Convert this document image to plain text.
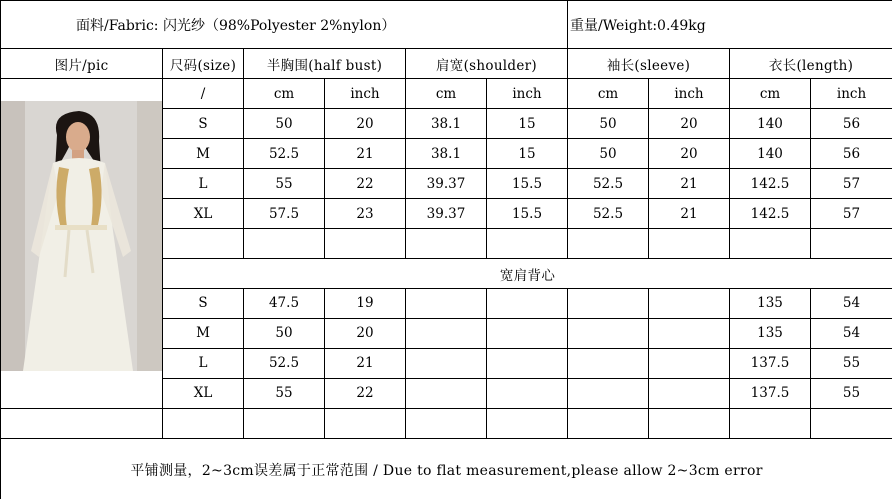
面料/Fabric: 闪光纱（98%Polyester 2%nylon）						重量/Weight:0.49kg			
图片/pic	尺码(size)	半胸围(half bust)		肩宽(shoulder)		袖长(sleeve)		衣长(length)	

	/	cm	inch	cm	inch	cm	inch	cm	inch
	S	50	20	38.1	15	50	20	140	56
	M	52.5	21	38.1	15	50	20	140	56
	L	55	22	39.37	15.5	52.5	21	142.5	57
	XL	57.5	23	39.37	15.5	52.5	21	142.5	57

	宽肩背心								
	S	47.5	19					135	54
	M	50	20					135	54
	L	52.5	21					137.5	55
	XL	55	22					137.5	55

平铺测量，2~3cm误差属于正常范围 / Due to flat measurement,please allow 2~3cm error									
